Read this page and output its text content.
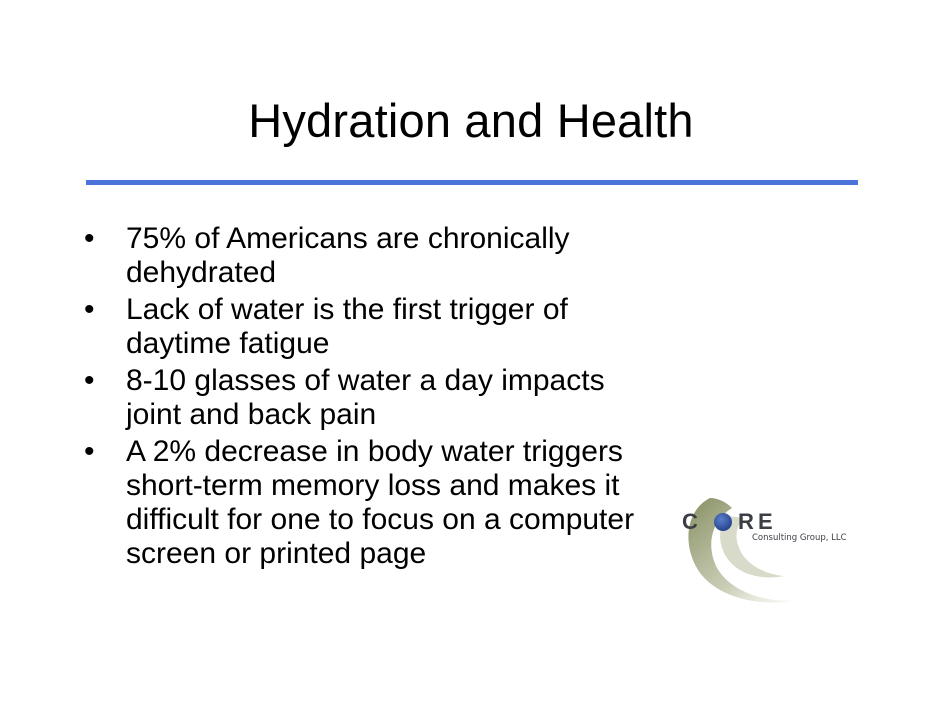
Hydration and Health
•	75% of Americans are chronically
dehydrated
•	Lack of water is the first trigger of
daytime fatigue
•	8-10 glasses of water a day impacts
joint and back pain
•	A 2% decrease in body water triggers
short-term memory loss and makes it
difficult for one to focus on a computer
screen or printed page
C R E
Consulting Group, LLC
